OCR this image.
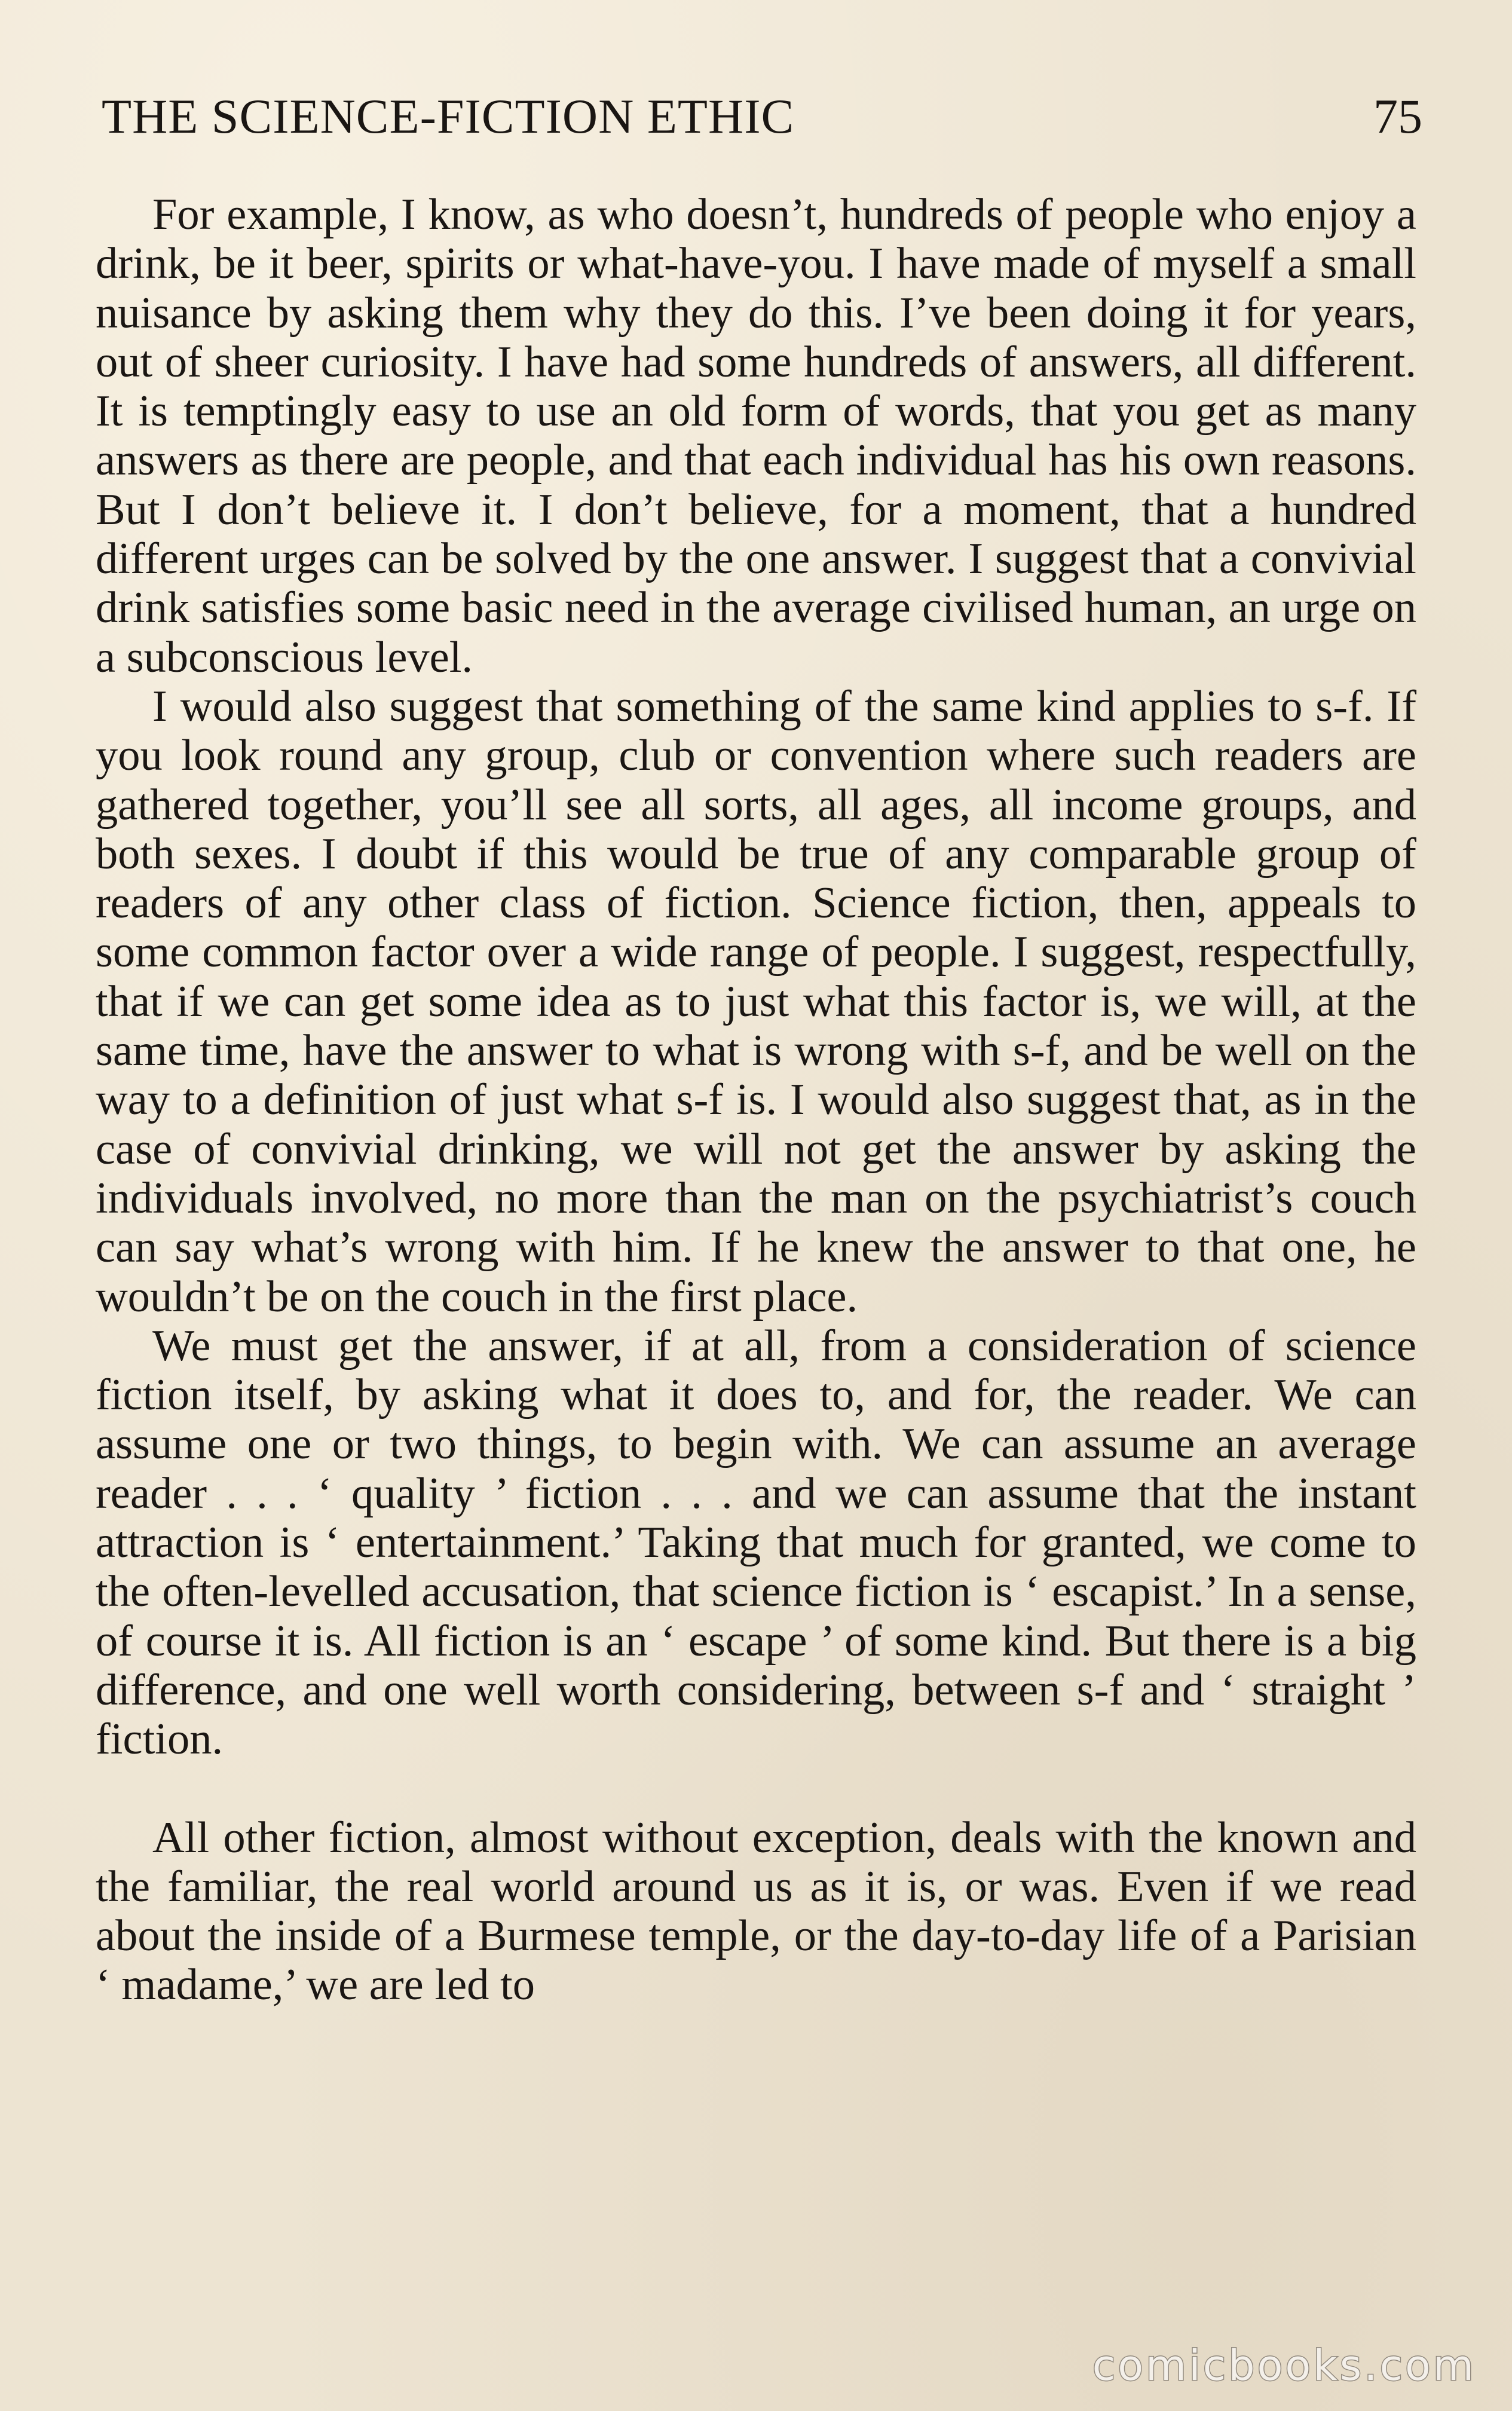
THE SCIENCE-FICTION ETHIC	75

For example, I know, as who doesn’t, hundreds of people who enjoy a drink, be it beer, spirits or what-have-you. I have made of myself a small nuisance by asking them why they do this. I’ve been doing it for years, out of sheer curiosity. I have had some hundreds of answers, all different. It is temptingly easy to use an old form of words, that you get as many answers as there are people, and that each individual has his own reasons. But I don’t believe it. I don’t believe, for a moment, that a hundred different urges can be solved by the one answer. I suggest that a convivial drink satisfies some basic need in the average civilised human, an urge on a subconscious level.

I would also suggest that something of the same kind applies to s-f. If you look round any group, club or convention where such readers are gathered together, you’ll see all sorts, all ages, all income groups, and both sexes. I doubt if this would be true of any comparable group of readers of any other class of fiction. Science fiction, then, appeals to some common factor over a wide range of people. I suggest, respectfully, that if we can get some idea as to just what this factor is, we will, at the same time, have the answer to what is wrong with s-f, and be well on the way to a definition of just what s-f is. I would also suggest that, as in the case of convivial drinking, we will not get the answer by asking the individuals involved, no more than the man on the psychiatrist’s couch can say what’s wrong with him. If he knew the answer to that one, he wouldn’t be on the couch in the first place.

We must get the answer, if at all, from a consideration of science fiction itself, by asking what it does to, and for, the reader. We can assume one or two things, to begin with. We can assume an average reader . . . ‘ quality ’ fiction . . . and we can assume that the instant attraction is ‘ entertainment.’ Taking that much for granted, we come to the often-levelled accusation, that science fiction is ‘ escapist.’ In a sense, of course it is. All fiction is an ‘ escape ’ of some kind. But there is a big difference, and one well worth considering, between s-f and ‘ straight ’ fiction.

All other fiction, almost without exception, deals with the known and the familiar, the real world around us as it is, or was. Even if we read about the inside of a Burmese temple, or the day-to-day life of a Parisian ‘ madame,’ we are led to

comicbooks.com
